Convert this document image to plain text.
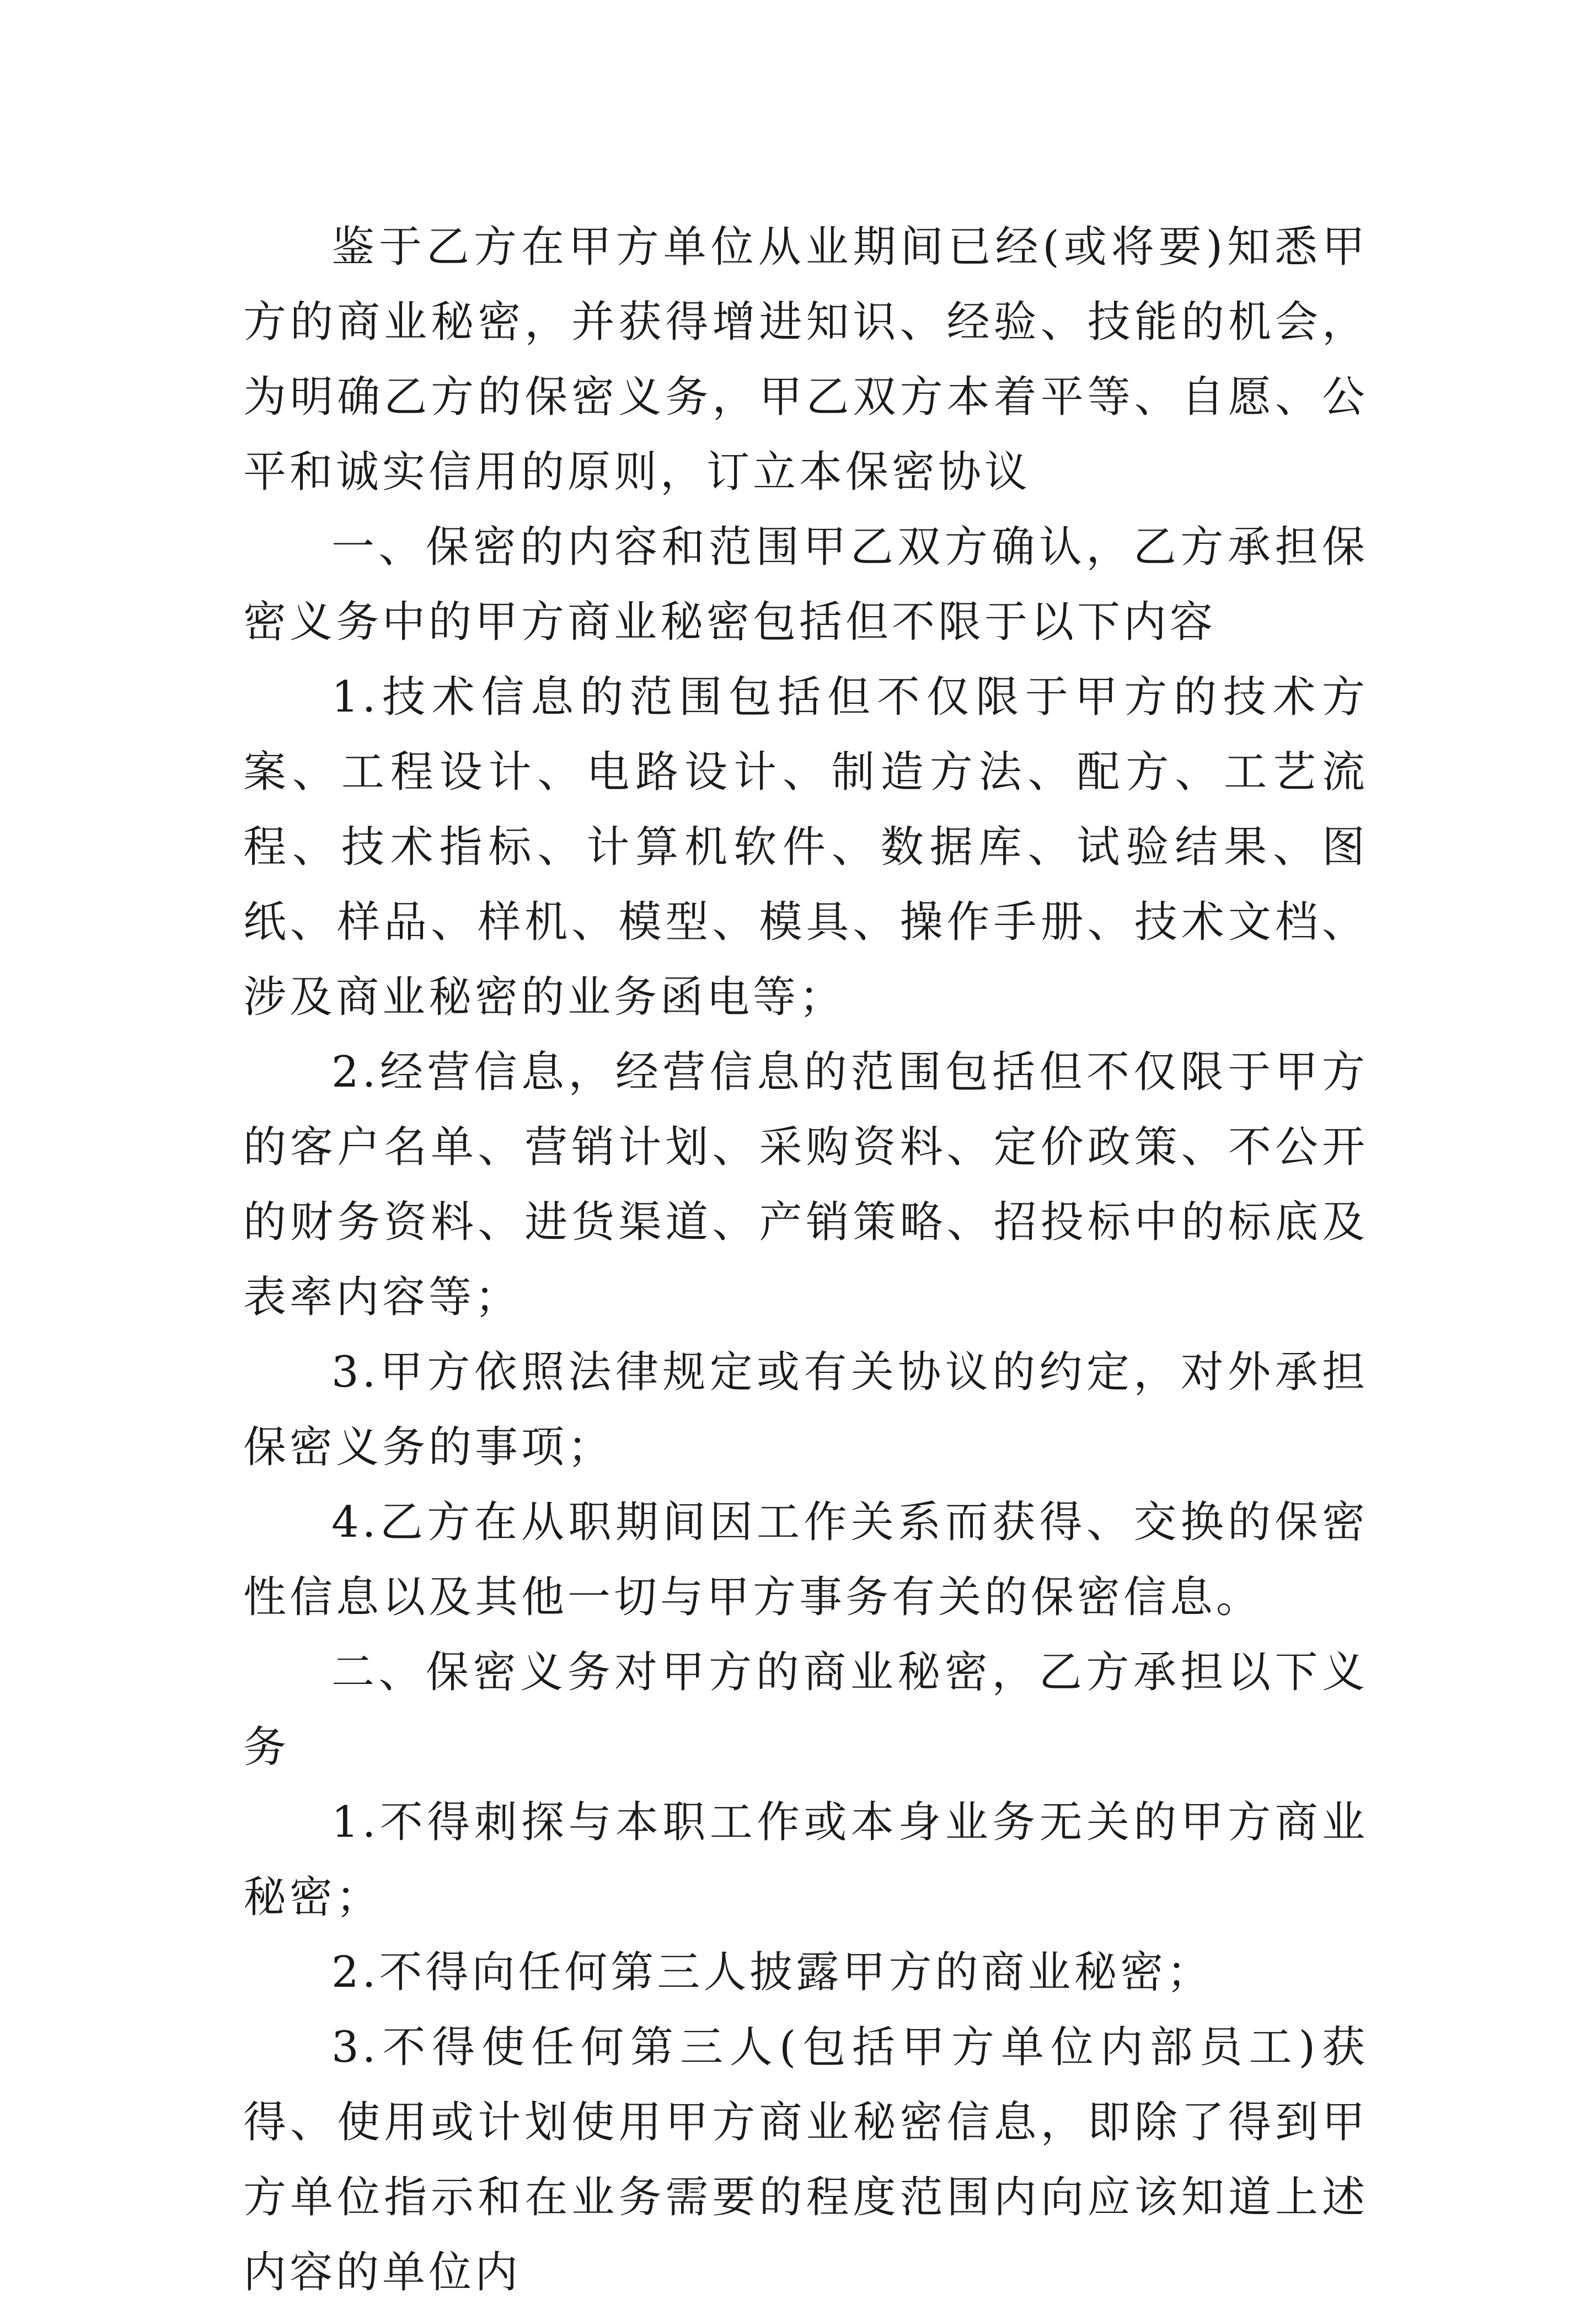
鉴于乙方在甲方单位从业期间已经(或将要)知悉甲方的商业秘密，并获得增进知识、经验、技能的机会，为明确乙方的保密义务，甲乙双方本着平等、自愿、公平和诚实信用的原则，订立本保密协议

一、保密的内容和范围甲乙双方确认，乙方承担保密义务中的甲方商业秘密包括但不限于以下内容

1.技术信息的范围包括但不仅限于甲方的技术方案、工程设计、电路设计、制造方法、配方、工艺流程、技术指标、计算机软件、数据库、试验结果、图纸、样品、样机、模型、模具、操作手册、技术文档、涉及商业秘密的业务函电等；

2.经营信息，经营信息的范围包括但不仅限于甲方的客户名单、营销计划、采购资料、定价政策、不公开的财务资料、进货渠道、产销策略、招投标中的标底及表率内容等；

3.甲方依照法律规定或有关协议的约定，对外承担保密义务的事项；

4.乙方在从职期间因工作关系而获得、交换的保密性信息以及其他一切与甲方事务有关的保密信息。

二、保密义务对甲方的商业秘密，乙方承担以下义务

1.不得刺探与本职工作或本身业务无关的甲方商业秘密；

2.不得向任何第三人披露甲方的商业秘密；

3.不得使任何第三人(包括甲方单位内部员工)获得、使用或计划使用甲方商业秘密信息，即除了得到甲方单位指示和在业务需要的程度范围内向应该知道上述内容的单位内
